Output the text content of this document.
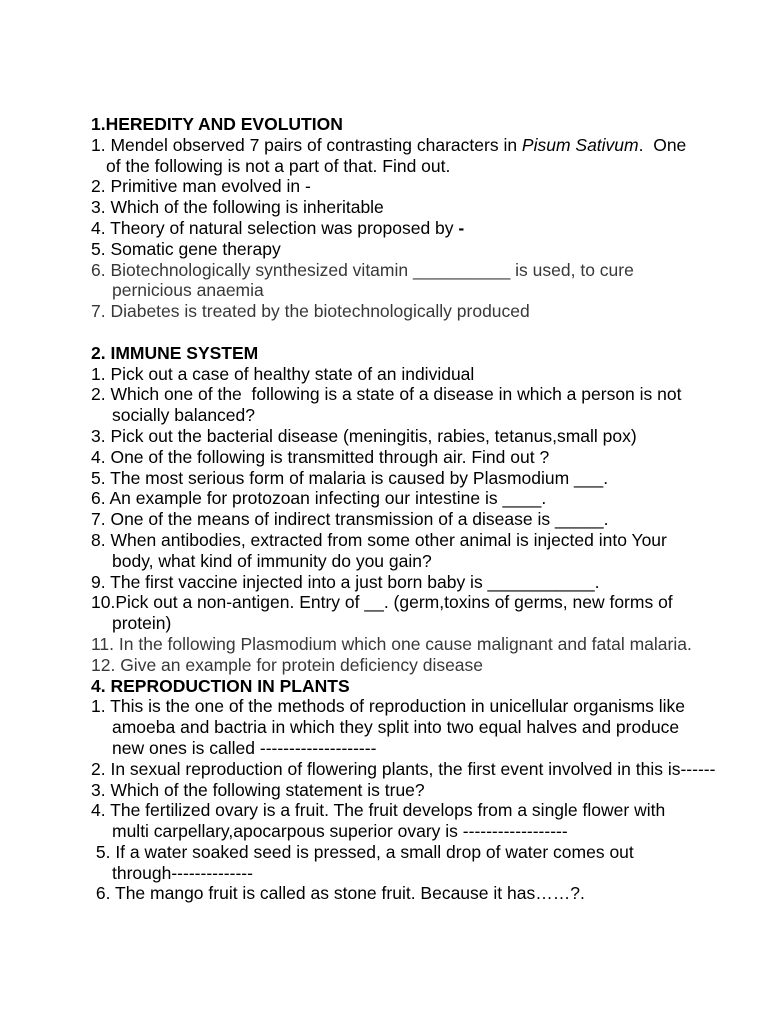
1.HEREDITY AND EVOLUTION
1. Mendel observed 7 pairs of contrasting characters in Pisum Sativum.  One
of the following is not a part of that. Find out.
2. Primitive man evolved in -
3. Which of the following is inheritable
4. Theory of natural selection was proposed by -
5. Somatic gene therapy
6. Biotechnologically synthesized vitamin __________ is used, to cure
pernicious anaemia
7. Diabetes is treated by the biotechnologically produced
2. IMMUNE SYSTEM
1. Pick out a case of healthy state of an individual
2. Which one of the  following is a state of a disease in which a person is not
socially balanced?
3. Pick out the bacterial disease (meningitis, rabies, tetanus,small pox)
4. One of the following is transmitted through air. Find out ?
5. The most serious form of malaria is caused by Plasmodium ___.
6. An example for protozoan infecting our intestine is ____.
7. One of the means of indirect transmission of a disease is _____.
8. When antibodies, extracted from some other animal is injected into Your
body, what kind of immunity do you gain?
9. The first vaccine injected into a just born baby is ___________.
10.Pick out a non-antigen. Entry of __. (germ,toxins of germs, new forms of
protein)
11. In the following Plasmodium which one cause malignant and fatal malaria.
12. Give an example for protein deficiency disease
4. REPRODUCTION IN PLANTS
1. This is the one of the methods of reproduction in unicellular organisms like
amoeba and bactria in which they split into two equal halves and produce
new ones is called --------------------
2. In sexual reproduction of flowering plants, the first event involved in this is------
3. Which of the following statement is true?
4. The fertilized ovary is a fruit. The fruit develops from a single flower with
multi carpellary,apocarpous superior ovary is ------------------
5. If a water soaked seed is pressed, a small drop of water comes out
through--------------
6. The mango fruit is called as stone fruit. Because it has……?.
